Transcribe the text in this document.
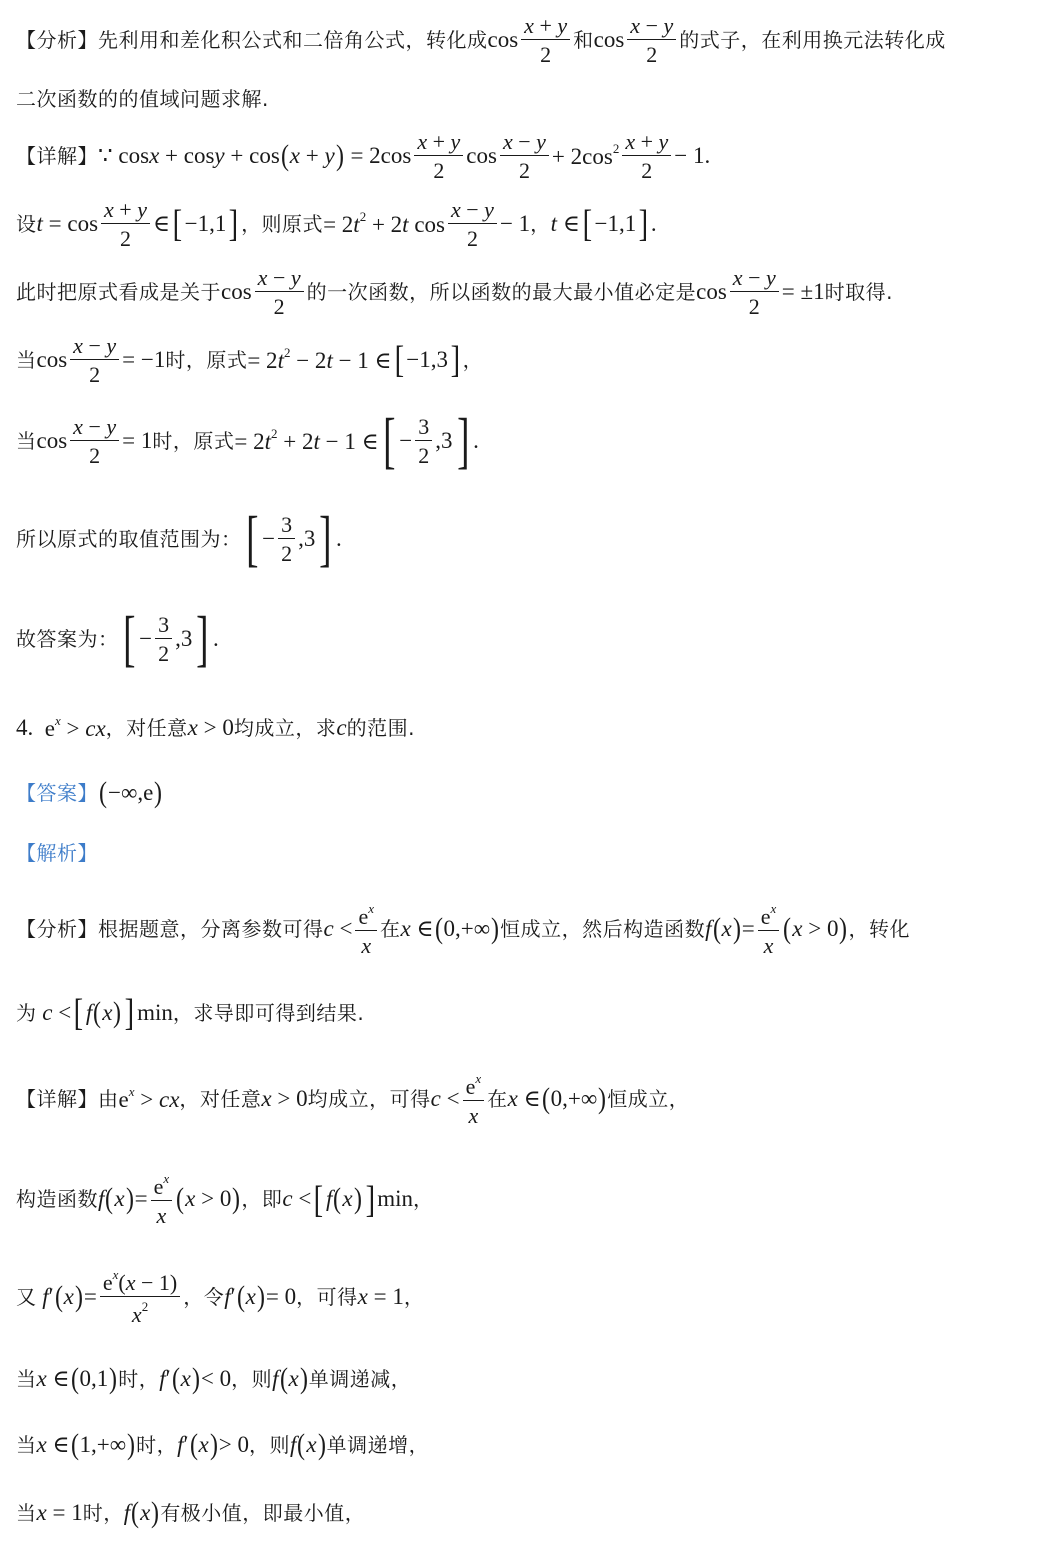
【分析】 先利用和差化积公式和二倍角公式，转化成 $\cos \frac{x + y}{2}$ 和 $\cos \frac{x - y}{2}$ 的式子，在利用换元法转化成
二次函数的的值域问题求解.
【详解】 ∵ cosx + cosy + cos ( x + y ) = $2\cos \frac{x + y}{2}$ $\cos \frac{x - y}{2} + 2\cos^2 \frac{x + y}{2} - 1$.
设 $t = \cos \frac{x + y}{2}$ ∈ [ −1,1 ] ，则原式 = $2t^2 + 2t$ $\cos \frac{x - y}{2} - 1$ ， t ∈ [ −1,1 ] .
此时把原式看成是关于 $\cos \frac{x - y}{2}$ 的一次函数，所以函数的最大最小值必定是 $\cos \frac{x - y}{2} = \pm 1$ 时取得.
当 $\cos \frac{x - y}{2} = -1$ 时，原式 = $2t^2 - 2t - 1$ ∈ [ −1,3 ] ，
当 $\cos \frac{x - y}{2} = 1$ 时，原式 = $2t^2 + 2t - 1$ ∈ [ − $\frac{3}{2} ,3$ ] .
所以原式的取值范围为： [ − $\frac{3}{2} ,3$ ] .
故答案为： [ − $\frac{3}{2} ,3$ ] .
4. $e^x$ > cx ，对任意 x > 0 均成立，求 c 的范围.
【答案】 ( −∞,e )
【解析】
【分析】 根据题意，分离参数可得 $c < \frac{e^x}{x}$ 在 x ∈ ( 0,+∞ ) 恒成立，然后构造函数 f ( x ) = $\frac{e^x}{x}$ ( x > 0 ) ，转化
为 c < [ f ( x ) ] min ，求导即可得到结果.
【详解】 由 $e^x$ > cx ，对任意 x > 0 均成立，可得 $c < \frac{e^x}{x}$ 在 x ∈ ( 0,+∞ ) 恒成立，
构造函数 f ( x ) = $\frac{e^x}{x}$ ( x > 0 ) ，即 c < [ f ( x ) ] min ，
又 f′ ( x ) = $\frac{e^x(x - 1)}{x^2}$ ，令 f′ ( x ) = 0 ，可得 x = 1 ，
当 x ∈ ( 0,1 ) 时， f′ ( x ) < 0 ，则 f ( x ) 单调递减，
当 x ∈ ( 1,+∞ ) 时， f′ ( x ) > 0 ，则 f ( x ) 单调递增，
当 x = 1 时， f ( x ) 有极小值，即最小值，
